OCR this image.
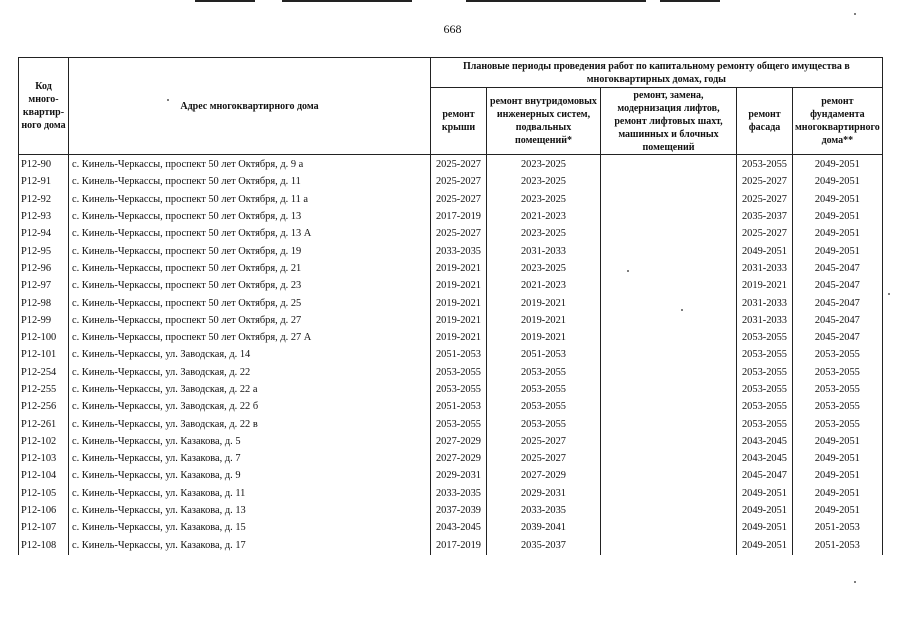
668
Код много-квартир-ного дома	Адрес многоквартирного дома	Плановые периоды проведения работ по капитальному ремонту общего имущества в многоквартирных домах, годы				
		ремонт крыши	ремонт внутридомовых инженерных систем, подвальных помещений*	ремонт, замена, модернизация лифтов, ремонт лифтовых шахт, машинных и блочных помещений	ремонт фасада	ремонт фундамента многоквартирного дома**
Р12-90	с. Кинель-Черкассы, проспект 50 лет Октября, д. 9 а	2025-2027	2023-2025		2053-2055	2049-2051
Р12-91	с. Кинель-Черкассы, проспект 50 лет Октября, д. 11	2025-2027	2023-2025		2025-2027	2049-2051
Р12-92	с. Кинель-Черкассы, проспект 50 лет Октября, д. 11 а	2025-2027	2023-2025		2025-2027	2049-2051
Р12-93	с. Кинель-Черкассы, проспект 50 лет Октября, д. 13	2017-2019	2021-2023		2035-2037	2049-2051
Р12-94	с. Кинель-Черкассы, проспект 50 лет Октября, д. 13 А	2025-2027	2023-2025		2025-2027	2049-2051
Р12-95	с. Кинель-Черкассы, проспект 50 лет Октября, д. 19	2033-2035	2031-2033		2049-2051	2049-2051
Р12-96	с. Кинель-Черкассы, проспект 50 лет Октября, д. 21	2019-2021	2023-2025		2031-2033	2045-2047
Р12-97	с. Кинель-Черкассы, проспект 50 лет Октября, д. 23	2019-2021	2021-2023		2019-2021	2045-2047
Р12-98	с. Кинель-Черкассы, проспект 50 лет Октября, д. 25	2019-2021	2019-2021		2031-2033	2045-2047
Р12-99	с. Кинель-Черкассы, проспект 50 лет Октября, д. 27	2019-2021	2019-2021		2031-2033	2045-2047
Р12-100	с. Кинель-Черкассы, проспект 50 лет Октября, д. 27 А	2019-2021	2019-2021		2053-2055	2045-2047
Р12-101	с. Кинель-Черкассы, ул. Заводская, д. 14	2051-2053	2051-2053		2053-2055	2053-2055
Р12-254	с. Кинель-Черкассы, ул. Заводская, д. 22	2053-2055	2053-2055		2053-2055	2053-2055
Р12-255	с. Кинель-Черкассы, ул. Заводская, д. 22 а	2053-2055	2053-2055		2053-2055	2053-2055
Р12-256	с. Кинель-Черкассы, ул. Заводская, д. 22 б	2051-2053	2053-2055		2053-2055	2053-2055
Р12-261	с. Кинель-Черкассы, ул. Заводская, д. 22 в	2053-2055	2053-2055		2053-2055	2053-2055
Р12-102	с. Кинель-Черкассы, ул. Казакова, д. 5	2027-2029	2025-2027		2043-2045	2049-2051
Р12-103	с. Кинель-Черкассы, ул. Казакова, д. 7	2027-2029	2025-2027		2043-2045	2049-2051
Р12-104	с. Кинель-Черкассы, ул. Казакова, д. 9	2029-2031	2027-2029		2045-2047	2049-2051
Р12-105	с. Кинель-Черкассы, ул. Казакова, д. 11	2033-2035	2029-2031		2049-2051	2049-2051
Р12-106	с. Кинель-Черкассы, ул. Казакова, д. 13	2037-2039	2033-2035		2049-2051	2049-2051
Р12-107	с. Кинель-Черкассы, ул. Казакова, д. 15	2043-2045	2039-2041		2049-2051	2051-2053
Р12-108	с. Кинель-Черкассы, ул. Казакова, д. 17	2017-2019	2035-2037		2049-2051	2051-2053
